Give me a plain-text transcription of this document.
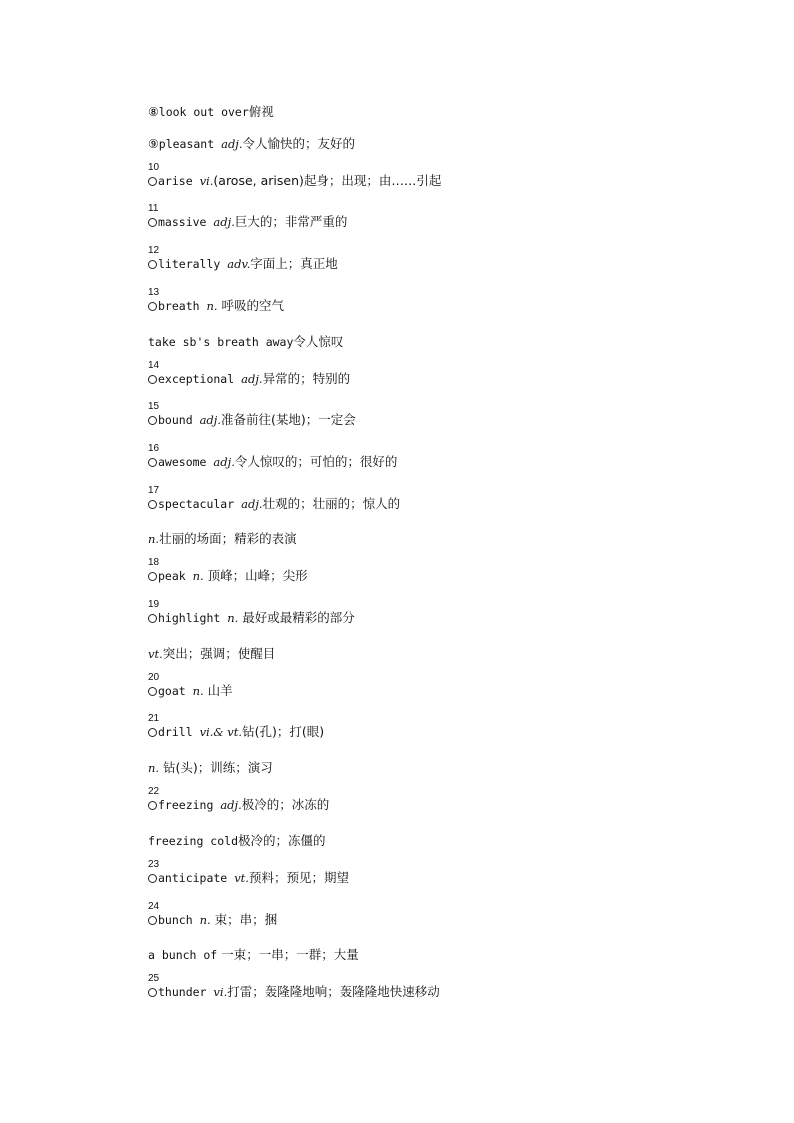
⑧look out over俯视
⑨pleasant adj.令人愉快的；友好的
10
arise vi.(arose, arisen)起身；出现；由……引起
11
massive adj.巨大的；非常严重的
12
literally adv.字面上；真正地
13
breath n. 呼吸的空气
take sb's breath away令人惊叹
14
exceptional adj.异常的；特别的
15
bound adj.准备前往(某地)；一定会
16
awesome adj.令人惊叹的；可怕的；很好的
17
spectacular adj.壮观的；壮丽的；惊人的
n.壮丽的场面；精彩的表演
18
peak n. 顶峰；山峰；尖形
19
highlight n. 最好或最精彩的部分
vt.突出；强调；使醒目
20
goat n. 山羊
21
drill vi.& vt.钻(孔)；打(眼)
n. 钻(头)；训练；演习
22
freezing adj.极冷的；冰冻的
freezing cold极冷的；冻僵的
23
anticipate vt.预料；预见；期望
24
bunch n. 束；串；捆
a bunch of 一束；一串；一群；大量
25
thunder vi.打雷；轰隆隆地响；轰隆隆地快速移动
